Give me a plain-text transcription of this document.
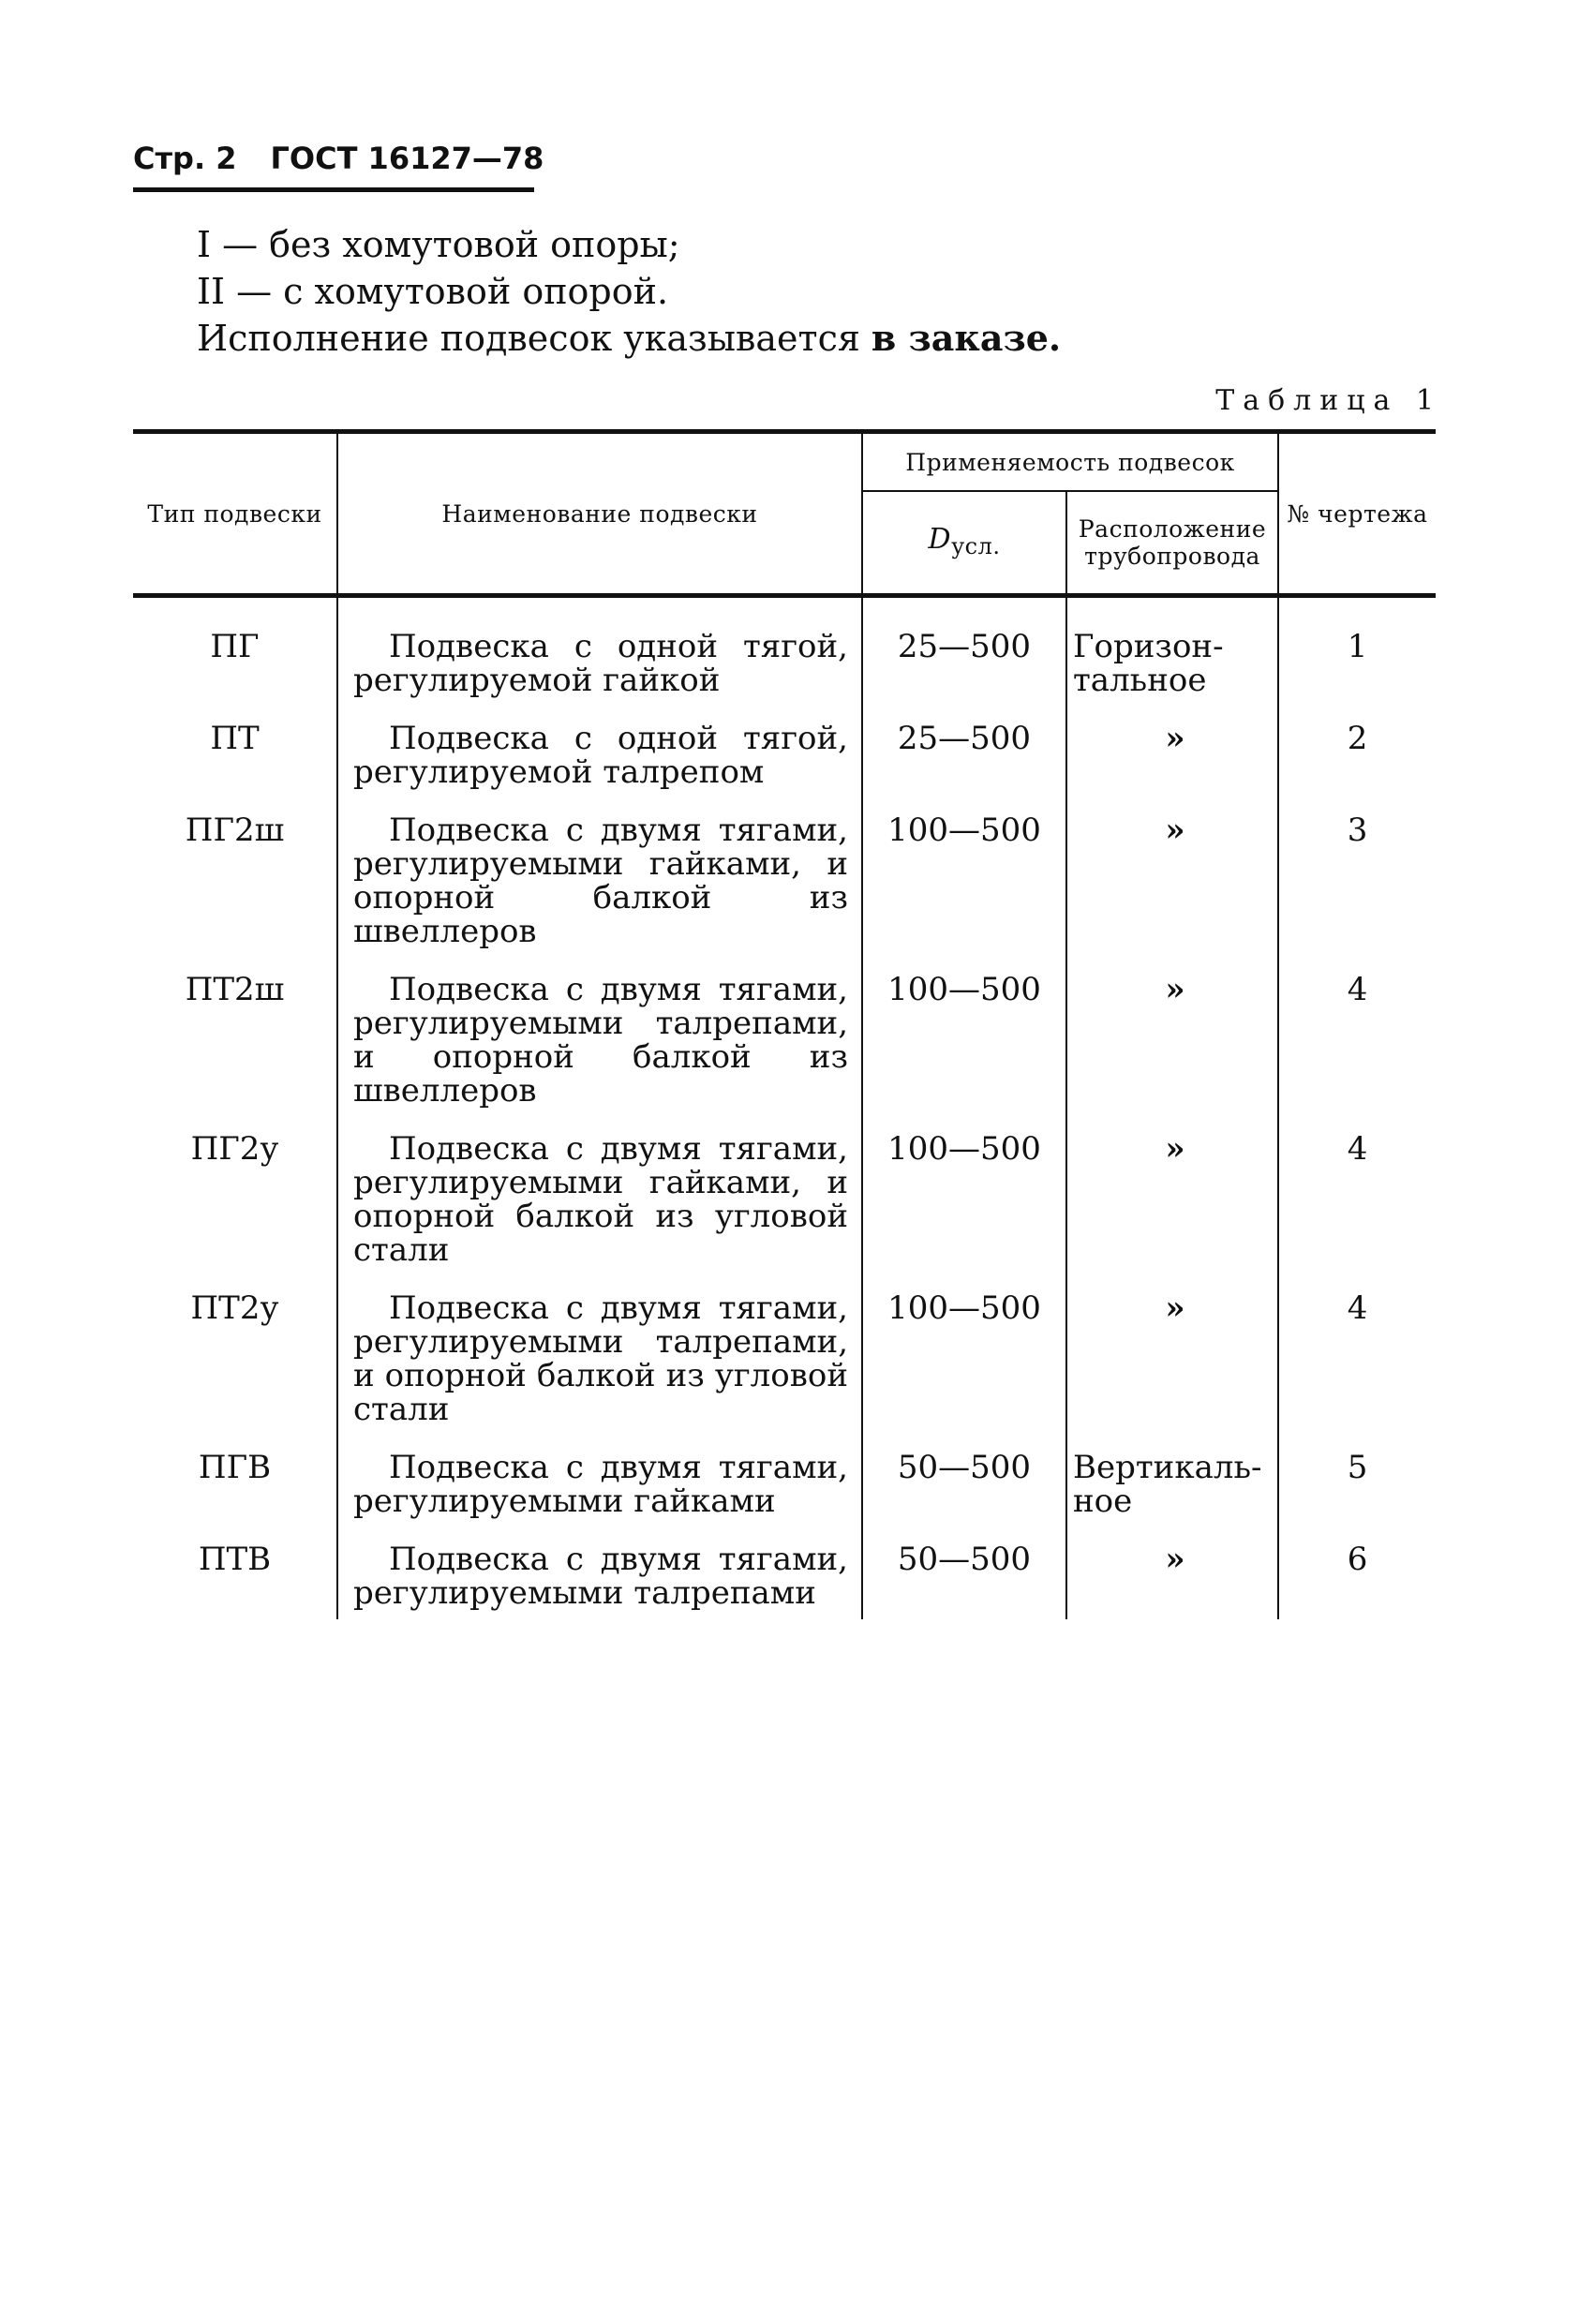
Стр. 2 ГОСТ 16127—78
I — без хомутовой опоры;
II — с хомутовой опорой.
Исполнение подвесок указывается в заказе.
Таблица 1
Тип подвески	Наименование подвески	Применяемость подвесок		№ чертежа
		$D_{усл.}$	Расположение трубопровода	
ПГ	Подвеска с одной тягой, регулируемой гайкой	25—500	Горизон-тальное	1
ПТ	Подвеска с одной тягой, регулируемой талрепом	25—500	»	2
ПГ2ш	Подвеска с двумя тягами, регулируемыми гайками, и опорной балкой из швеллеров	100—500	»	3
ПТ2ш	Подвеска с двумя тягами, регулируемыми талрепами, и опорной балкой из швеллеров	100—500	»	4
ПГ2у	Подвеска с двумя тягами, регулируемыми гайками, и опорной балкой из угловой стали	100—500	»	4
ПТ2у	Подвеска с двумя тягами, регулируемыми талрепами, и опорной балкой из угловой стали	100—500	»	4
ПГВ	Подвеска с двумя тягами, регулируемыми гайками	50—500	Вертикаль-ное	5
ПТВ	Подвеска с двумя тягами, регулируемыми талрепами	50—500	»	6
